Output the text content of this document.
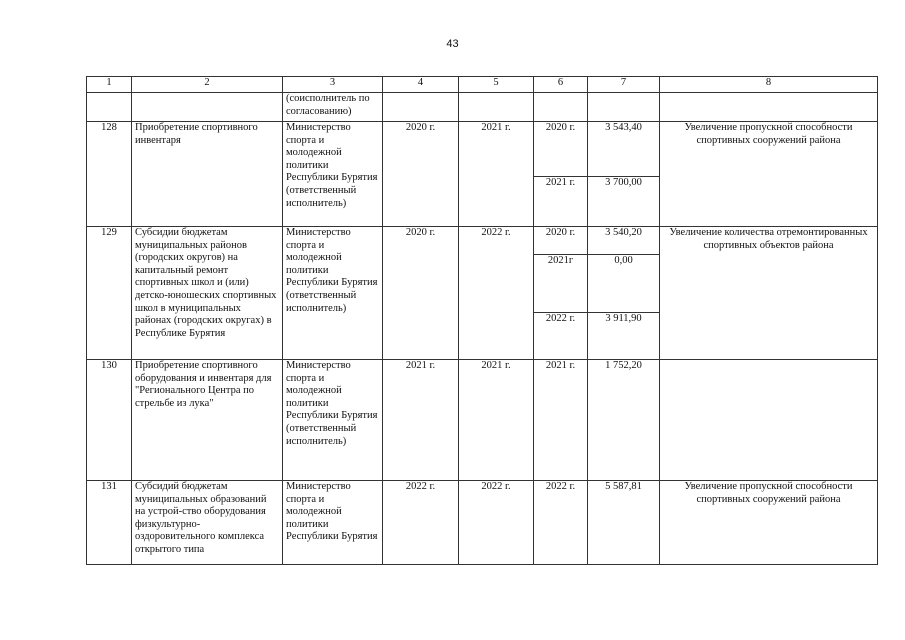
43
1	2	3	4	5	6	7	8
		(соисполнитель по согласованию)					
128	Приобретение спортивного инвентаря	Министерство спорта и молодежной политики Республики Бурятия (ответственный исполнитель)	2020 г.	2021 г.	2020 г.	3 543,40	Увеличение пропускной способности спортивных сооружений района
					2021 г.	3 700,00	
129	Субсидии бюджетам муниципальных районов (городских округов) на капитальный ремонт спортивных школ и (или) детско-юношеских спортивных школ в муниципальных районах (городских округах) в Республике Бурятия	Министерство спорта и молодежной политики Республики Бурятия (ответственный исполнитель)	2020 г.	2022 г.	2020 г.	3 540,20	Увеличение количества отремонтированных спортивных объектов района
					2021г	0,00	
					2022 г.	3 911,90	
130	Приобретение спортивного оборудования и инвентаря для "Регионального Центра по стрельбе из лука"	Министерство спорта и молодежной политики Республики Бурятия (ответственный исполнитель)	2021 г.	2021 г.	2021 г.	1 752,20	
131	Субсидий бюджетам муниципальных образований на устрой-ство оборудования физкультурно-оздоровительного комплекса открытого типа	Министерство спорта и молодежной политики Республики Бурятия	2022 г.	2022 г.	2022 г.	5 587,81	Увеличение пропускной способности спортивных сооружений района
